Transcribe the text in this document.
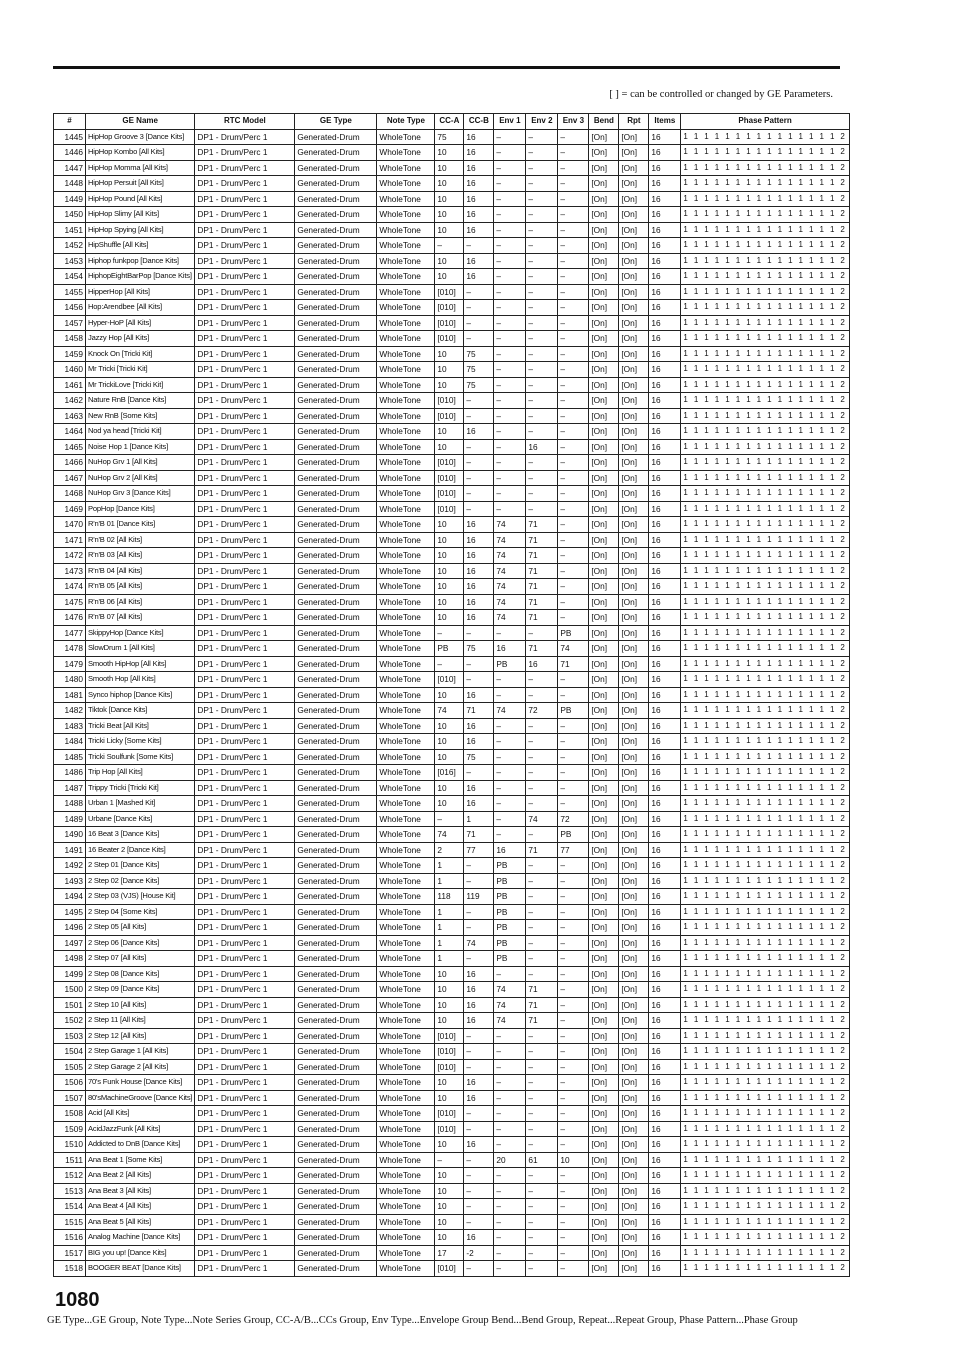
[ ] = can be controlled or changed by GE Parameters.
#	GE Name	RTC Model	GE Type	Note Type	CC-A	CC-B	Env 1	Env 2	Env 3	Bend	Rpt	Items	Phase Pattern
1445	HipHop Groove 3 [Dance Kits]	DP1 - Drum/Perc 1	Generated-Drum	WholeTone	75	16	–	–	–	[On]	[On]	16	1 1 1 1 1 1 1 1 1 1 1 1 1 1 1 2
1446	HipHop Kombo [All Kits]	DP1 - Drum/Perc 1	Generated-Drum	WholeTone	10	16	–	–	–	[On]	[On]	16	1 1 1 1 1 1 1 1 1 1 1 1 1 1 1 2
1447	HipHop Momma [All Kits]	DP1 - Drum/Perc 1	Generated-Drum	WholeTone	10	16	–	–	–	[On]	[On]	16	1 1 1 1 1 1 1 1 1 1 1 1 1 1 1 2
1448	HipHop Persuit [All Kits]	DP1 - Drum/Perc 1	Generated-Drum	WholeTone	10	16	–	–	–	[On]	[On]	16	1 1 1 1 1 1 1 1 1 1 1 1 1 1 1 2
1449	HipHop Pound [All Kits]	DP1 - Drum/Perc 1	Generated-Drum	WholeTone	10	16	–	–	–	[On]	[On]	16	1 1 1 1 1 1 1 1 1 1 1 1 1 1 1 2
1450	HipHop Slimy [All Kits]	DP1 - Drum/Perc 1	Generated-Drum	WholeTone	10	16	–	–	–	[On]	[On]	16	1 1 1 1 1 1 1 1 1 1 1 1 1 1 1 2
1451	HipHop Spying [All Kits]	DP1 - Drum/Perc 1	Generated-Drum	WholeTone	10	16	–	–	–	[On]	[On]	16	1 1 1 1 1 1 1 1 1 1 1 1 1 1 1 2
1452	HipShuffle [All Kits]	DP1 - Drum/Perc 1	Generated-Drum	WholeTone	–	–	–	–	–	[On]	[On]	16	1 1 1 1 1 1 1 1 1 1 1 1 1 1 1 2
1453	Hiphop funkpop [Dance Kits]	DP1 - Drum/Perc 1	Generated-Drum	WholeTone	10	16	–	–	–	[On]	[On]	16	1 1 1 1 1 1 1 1 1 1 1 1 1 1 1 2
1454	HiphopEightBarPop [Dance Kits]	DP1 - Drum/Perc 1	Generated-Drum	WholeTone	10	16	–	–	–	[On]	[On]	16	1 1 1 1 1 1 1 1 1 1 1 1 1 1 1 2
1455	HipperHop [All Kits]	DP1 - Drum/Perc 1	Generated-Drum	WholeTone	[010]	–	–	–	–	[On]	[On]	16	1 1 1 1 1 1 1 1 1 1 1 1 1 1 1 2
1456	Hop:Arendbee [All Kits]	DP1 - Drum/Perc 1	Generated-Drum	WholeTone	[010]	–	–	–	–	[On]	[On]	16	1 1 1 1 1 1 1 1 1 1 1 1 1 1 1 2
1457	Hyper-HoP [All Kits]	DP1 - Drum/Perc 1	Generated-Drum	WholeTone	[010]	–	–	–	–	[On]	[On]	16	1 1 1 1 1 1 1 1 1 1 1 1 1 1 1 2
1458	Jazzy Hop [All Kits]	DP1 - Drum/Perc 1	Generated-Drum	WholeTone	[010]	–	–	–	–	[On]	[On]	16	1 1 1 1 1 1 1 1 1 1 1 1 1 1 1 2
1459	Knock On [Tricki Kit]	DP1 - Drum/Perc 1	Generated-Drum	WholeTone	10	75	–	–	–	[On]	[On]	16	1 1 1 1 1 1 1 1 1 1 1 1 1 1 1 2
1460	Mr Tricki [Tricki Kit]	DP1 - Drum/Perc 1	Generated-Drum	WholeTone	10	75	–	–	–	[On]	[On]	16	1 1 1 1 1 1 1 1 1 1 1 1 1 1 1 2
1461	Mr TrickiLove [Tricki Kit]	DP1 - Drum/Perc 1	Generated-Drum	WholeTone	10	75	–	–	–	[On]	[On]	16	1 1 1 1 1 1 1 1 1 1 1 1 1 1 1 2
1462	Nature RnB [Dance Kits]	DP1 - Drum/Perc 1	Generated-Drum	WholeTone	[010]	–	–	–	–	[On]	[On]	16	1 1 1 1 1 1 1 1 1 1 1 1 1 1 1 2
1463	New RnB [Some Kits]	DP1 - Drum/Perc 1	Generated-Drum	WholeTone	[010]	–	–	–	–	[On]	[On]	16	1 1 1 1 1 1 1 1 1 1 1 1 1 1 1 2
1464	Nod ya head [Tricki Kit]	DP1 - Drum/Perc 1	Generated-Drum	WholeTone	10	16	–	–	–	[On]	[On]	16	1 1 1 1 1 1 1 1 1 1 1 1 1 1 1 2
1465	Noise Hop 1 [Dance Kits]	DP1 - Drum/Perc 1	Generated-Drum	WholeTone	10	–	–	16	–	[On]	[On]	16	1 1 1 1 1 1 1 1 1 1 1 1 1 1 1 2
1466	NuHop Grv 1 [All Kits]	DP1 - Drum/Perc 1	Generated-Drum	WholeTone	[010]	–	–	–	–	[On]	[On]	16	1 1 1 1 1 1 1 1 1 1 1 1 1 1 1 2
1467	NuHop Grv 2 [All Kits]	DP1 - Drum/Perc 1	Generated-Drum	WholeTone	[010]	–	–	–	–	[On]	[On]	16	1 1 1 1 1 1 1 1 1 1 1 1 1 1 1 2
1468	NuHop Grv 3 [Dance Kits]	DP1 - Drum/Perc 1	Generated-Drum	WholeTone	[010]	–	–	–	–	[On]	[On]	16	1 1 1 1 1 1 1 1 1 1 1 1 1 1 1 2
1469	PopHop [Dance Kits]	DP1 - Drum/Perc 1	Generated-Drum	WholeTone	[010]	–	–	–	–	[On]	[On]	16	1 1 1 1 1 1 1 1 1 1 1 1 1 1 1 2
1470	R'n'B 01 [Dance Kits]	DP1 - Drum/Perc 1	Generated-Drum	WholeTone	10	16	74	71	–	[On]	[On]	16	1 1 1 1 1 1 1 1 1 1 1 1 1 1 1 2
1471	R'n'B 02 [All Kits]	DP1 - Drum/Perc 1	Generated-Drum	WholeTone	10	16	74	71	–	[On]	[On]	16	1 1 1 1 1 1 1 1 1 1 1 1 1 1 1 2
1472	R'n'B 03 [All Kits]	DP1 - Drum/Perc 1	Generated-Drum	WholeTone	10	16	74	71	–	[On]	[On]	16	1 1 1 1 1 1 1 1 1 1 1 1 1 1 1 2
1473	R'n'B 04 [All Kits]	DP1 - Drum/Perc 1	Generated-Drum	WholeTone	10	16	74	71	–	[On]	[On]	16	1 1 1 1 1 1 1 1 1 1 1 1 1 1 1 2
1474	R'n'B 05 [All Kits]	DP1 - Drum/Perc 1	Generated-Drum	WholeTone	10	16	74	71	–	[On]	[On]	16	1 1 1 1 1 1 1 1 1 1 1 1 1 1 1 2
1475	R'n'B 06 [All Kits]	DP1 - Drum/Perc 1	Generated-Drum	WholeTone	10	16	74	71	–	[On]	[On]	16	1 1 1 1 1 1 1 1 1 1 1 1 1 1 1 2
1476	R'n'B 07 [All Kits]	DP1 - Drum/Perc 1	Generated-Drum	WholeTone	10	16	74	71	–	[On]	[On]	16	1 1 1 1 1 1 1 1 1 1 1 1 1 1 1 2
1477	SkippyHop [Dance Kits]	DP1 - Drum/Perc 1	Generated-Drum	WholeTone	–	–	–	–	PB	[On]	[On]	16	1 1 1 1 1 1 1 1 1 1 1 1 1 1 1 2
1478	SlowDrum 1 [All Kits]	DP1 - Drum/Perc 1	Generated-Drum	WholeTone	PB	75	16	71	74	[On]	[On]	16	1 1 1 1 1 1 1 1 1 1 1 1 1 1 1 2
1479	Smooth HipHop [All Kits]	DP1 - Drum/Perc 1	Generated-Drum	WholeTone	–	–	PB	16	71	[On]	[On]	16	1 1 1 1 1 1 1 1 1 1 1 1 1 1 1 2
1480	Smooth Hop [All Kits]	DP1 - Drum/Perc 1	Generated-Drum	WholeTone	[010]	–	–	–	–	[On]	[On]	16	1 1 1 1 1 1 1 1 1 1 1 1 1 1 1 2
1481	Synco hiphop [Dance Kits]	DP1 - Drum/Perc 1	Generated-Drum	WholeTone	10	16	–	–	–	[On]	[On]	16	1 1 1 1 1 1 1 1 1 1 1 1 1 1 1 2
1482	Tiktok [Dance Kits]	DP1 - Drum/Perc 1	Generated-Drum	WholeTone	74	71	74	72	PB	[On]	[On]	16	1 1 1 1 1 1 1 1 1 1 1 1 1 1 1 2
1483	Tricki Beat [All Kits]	DP1 - Drum/Perc 1	Generated-Drum	WholeTone	10	16	–	–	–	[On]	[On]	16	1 1 1 1 1 1 1 1 1 1 1 1 1 1 1 2
1484	Tricki Licky [Some Kits]	DP1 - Drum/Perc 1	Generated-Drum	WholeTone	10	16	–	–	–	[On]	[On]	16	1 1 1 1 1 1 1 1 1 1 1 1 1 1 1 2
1485	Tricki Soulfunk [Some Kits]	DP1 - Drum/Perc 1	Generated-Drum	WholeTone	10	75	–	–	–	[On]	[On]	16	1 1 1 1 1 1 1 1 1 1 1 1 1 1 1 2
1486	Trip Hop [All Kits]	DP1 - Drum/Perc 1	Generated-Drum	WholeTone	[016]	–	–	–	–	[On]	[On]	16	1 1 1 1 1 1 1 1 1 1 1 1 1 1 1 2
1487	Trippy Tricki [Tricki Kit]	DP1 - Drum/Perc 1	Generated-Drum	WholeTone	10	16	–	–	–	[On]	[On]	16	1 1 1 1 1 1 1 1 1 1 1 1 1 1 1 2
1488	Urban 1 [Mashed Kit]	DP1 - Drum/Perc 1	Generated-Drum	WholeTone	10	16	–	–	–	[On]	[On]	16	1 1 1 1 1 1 1 1 1 1 1 1 1 1 1 2
1489	Urbane [Dance Kits]	DP1 - Drum/Perc 1	Generated-Drum	WholeTone	–	1	–	74	72	[On]	[On]	16	1 1 1 1 1 1 1 1 1 1 1 1 1 1 1 2
1490	16 Beat 3 [Dance Kits]	DP1 - Drum/Perc 1	Generated-Drum	WholeTone	74	71	–	–	PB	[On]	[On]	16	1 1 1 1 1 1 1 1 1 1 1 1 1 1 1 2
1491	16 Beater 2 [Dance Kits]	DP1 - Drum/Perc 1	Generated-Drum	WholeTone	2	77	16	71	77	[On]	[On]	16	1 1 1 1 1 1 1 1 1 1 1 1 1 1 1 2
1492	2 Step 01 [Dance Kits]	DP1 - Drum/Perc 1	Generated-Drum	WholeTone	1	–	PB	–	–	[On]	[On]	16	1 1 1 1 1 1 1 1 1 1 1 1 1 1 1 2
1493	2 Step 02 [Dance Kits]	DP1 - Drum/Perc 1	Generated-Drum	WholeTone	1	–	PB	–	–	[On]	[On]	16	1 1 1 1 1 1 1 1 1 1 1 1 1 1 1 2
1494	2 Step 03 (VJS) [House Kit]	DP1 - Drum/Perc 1	Generated-Drum	WholeTone	118	119	PB	–	–	[On]	[On]	16	1 1 1 1 1 1 1 1 1 1 1 1 1 1 1 2
1495	2 Step 04 [Some Kits]	DP1 - Drum/Perc 1	Generated-Drum	WholeTone	1	–	PB	–	–	[On]	[On]	16	1 1 1 1 1 1 1 1 1 1 1 1 1 1 1 2
1496	2 Step 05 [All Kits]	DP1 - Drum/Perc 1	Generated-Drum	WholeTone	1	–	PB	–	–	[On]	[On]	16	1 1 1 1 1 1 1 1 1 1 1 1 1 1 1 2
1497	2 Step 06 [Dance Kits]	DP1 - Drum/Perc 1	Generated-Drum	WholeTone	1	74	PB	–	–	[On]	[On]	16	1 1 1 1 1 1 1 1 1 1 1 1 1 1 1 2
1498	2 Step 07 [All Kits]	DP1 - Drum/Perc 1	Generated-Drum	WholeTone	1	–	PB	–	–	[On]	[On]	16	1 1 1 1 1 1 1 1 1 1 1 1 1 1 1 2
1499	2 Step 08 [Dance Kits]	DP1 - Drum/Perc 1	Generated-Drum	WholeTone	10	16	–	–	–	[On]	[On]	16	1 1 1 1 1 1 1 1 1 1 1 1 1 1 1 2
1500	2 Step 09 [Dance Kits]	DP1 - Drum/Perc 1	Generated-Drum	WholeTone	10	16	74	71	–	[On]	[On]	16	1 1 1 1 1 1 1 1 1 1 1 1 1 1 1 2
1501	2 Step 10 [All Kits]	DP1 - Drum/Perc 1	Generated-Drum	WholeTone	10	16	74	71	–	[On]	[On]	16	1 1 1 1 1 1 1 1 1 1 1 1 1 1 1 2
1502	2 Step 11 [All Kits]	DP1 - Drum/Perc 1	Generated-Drum	WholeTone	10	16	74	71	–	[On]	[On]	16	1 1 1 1 1 1 1 1 1 1 1 1 1 1 1 2
1503	2 Step 12 [All Kits]	DP1 - Drum/Perc 1	Generated-Drum	WholeTone	[010]	–	–	–	–	[On]	[On]	16	1 1 1 1 1 1 1 1 1 1 1 1 1 1 1 2
1504	2 Step Garage 1 [All Kits]	DP1 - Drum/Perc 1	Generated-Drum	WholeTone	[010]	–	–	–	–	[On]	[On]	16	1 1 1 1 1 1 1 1 1 1 1 1 1 1 1 2
1505	2 Step Garage 2 [All Kits]	DP1 - Drum/Perc 1	Generated-Drum	WholeTone	[010]	–	–	–	–	[On]	[On]	16	1 1 1 1 1 1 1 1 1 1 1 1 1 1 1 2
1506	70's Funk House [Dance Kits]	DP1 - Drum/Perc 1	Generated-Drum	WholeTone	10	16	–	–	–	[On]	[On]	16	1 1 1 1 1 1 1 1 1 1 1 1 1 1 1 2
1507	80'sMachineGroove [Dance Kits]	DP1 - Drum/Perc 1	Generated-Drum	WholeTone	10	16	–	–	–	[On]	[On]	16	1 1 1 1 1 1 1 1 1 1 1 1 1 1 1 2
1508	Acid [All Kits]	DP1 - Drum/Perc 1	Generated-Drum	WholeTone	[010]	–	–	–	–	[On]	[On]	16	1 1 1 1 1 1 1 1 1 1 1 1 1 1 1 2
1509	AcidJazzFunk [All Kits]	DP1 - Drum/Perc 1	Generated-Drum	WholeTone	[010]	–	–	–	–	[On]	[On]	16	1 1 1 1 1 1 1 1 1 1 1 1 1 1 1 2
1510	Addicted to DnB [Dance Kits]	DP1 - Drum/Perc 1	Generated-Drum	WholeTone	10	16	–	–	–	[On]	[On]	16	1 1 1 1 1 1 1 1 1 1 1 1 1 1 1 2
1511	Ana Beat 1 [Some Kits]	DP1 - Drum/Perc 1	Generated-Drum	WholeTone	–	–	20	61	10	[On]	[On]	16	1 1 1 1 1 1 1 1 1 1 1 1 1 1 1 2
1512	Ana Beat 2 [All Kits]	DP1 - Drum/Perc 1	Generated-Drum	WholeTone	10	–	–	–	–	[On]	[On]	16	1 1 1 1 1 1 1 1 1 1 1 1 1 1 1 2
1513	Ana Beat 3 [All Kits]	DP1 - Drum/Perc 1	Generated-Drum	WholeTone	10	–	–	–	–	[On]	[On]	16	1 1 1 1 1 1 1 1 1 1 1 1 1 1 1 2
1514	Ana Beat 4 [All Kits]	DP1 - Drum/Perc 1	Generated-Drum	WholeTone	10	–	–	–	–	[On]	[On]	16	1 1 1 1 1 1 1 1 1 1 1 1 1 1 1 2
1515	Ana Beat 5 [All Kits]	DP1 - Drum/Perc 1	Generated-Drum	WholeTone	10	–	–	–	–	[On]	[On]	16	1 1 1 1 1 1 1 1 1 1 1 1 1 1 1 2
1516	Analog Machine [Dance Kits]	DP1 - Drum/Perc 1	Generated-Drum	WholeTone	10	16	–	–	–	[On]	[On]	16	1 1 1 1 1 1 1 1 1 1 1 1 1 1 1 2
1517	BIG you up! [Dance Kits]	DP1 - Drum/Perc 1	Generated-Drum	WholeTone	17	-2	–	–	–	[On]	[On]	16	1 1 1 1 1 1 1 1 1 1 1 1 1 1 1 2
1518	BOOGER BEAT [Dance Kits]	DP1 - Drum/Perc 1	Generated-Drum	WholeTone	[010]	–	–	–	–	[On]	[On]	16	1 1 1 1 1 1 1 1 1 1 1 1 1 1 1 2
1080
GE Type...GE Group, Note Type...Note Series Group, CC-A/B...CCs Group, Env Type...Envelope Group Bend...Bend Group, Repeat...Repeat Group, Phase Pattern...Phase Group
